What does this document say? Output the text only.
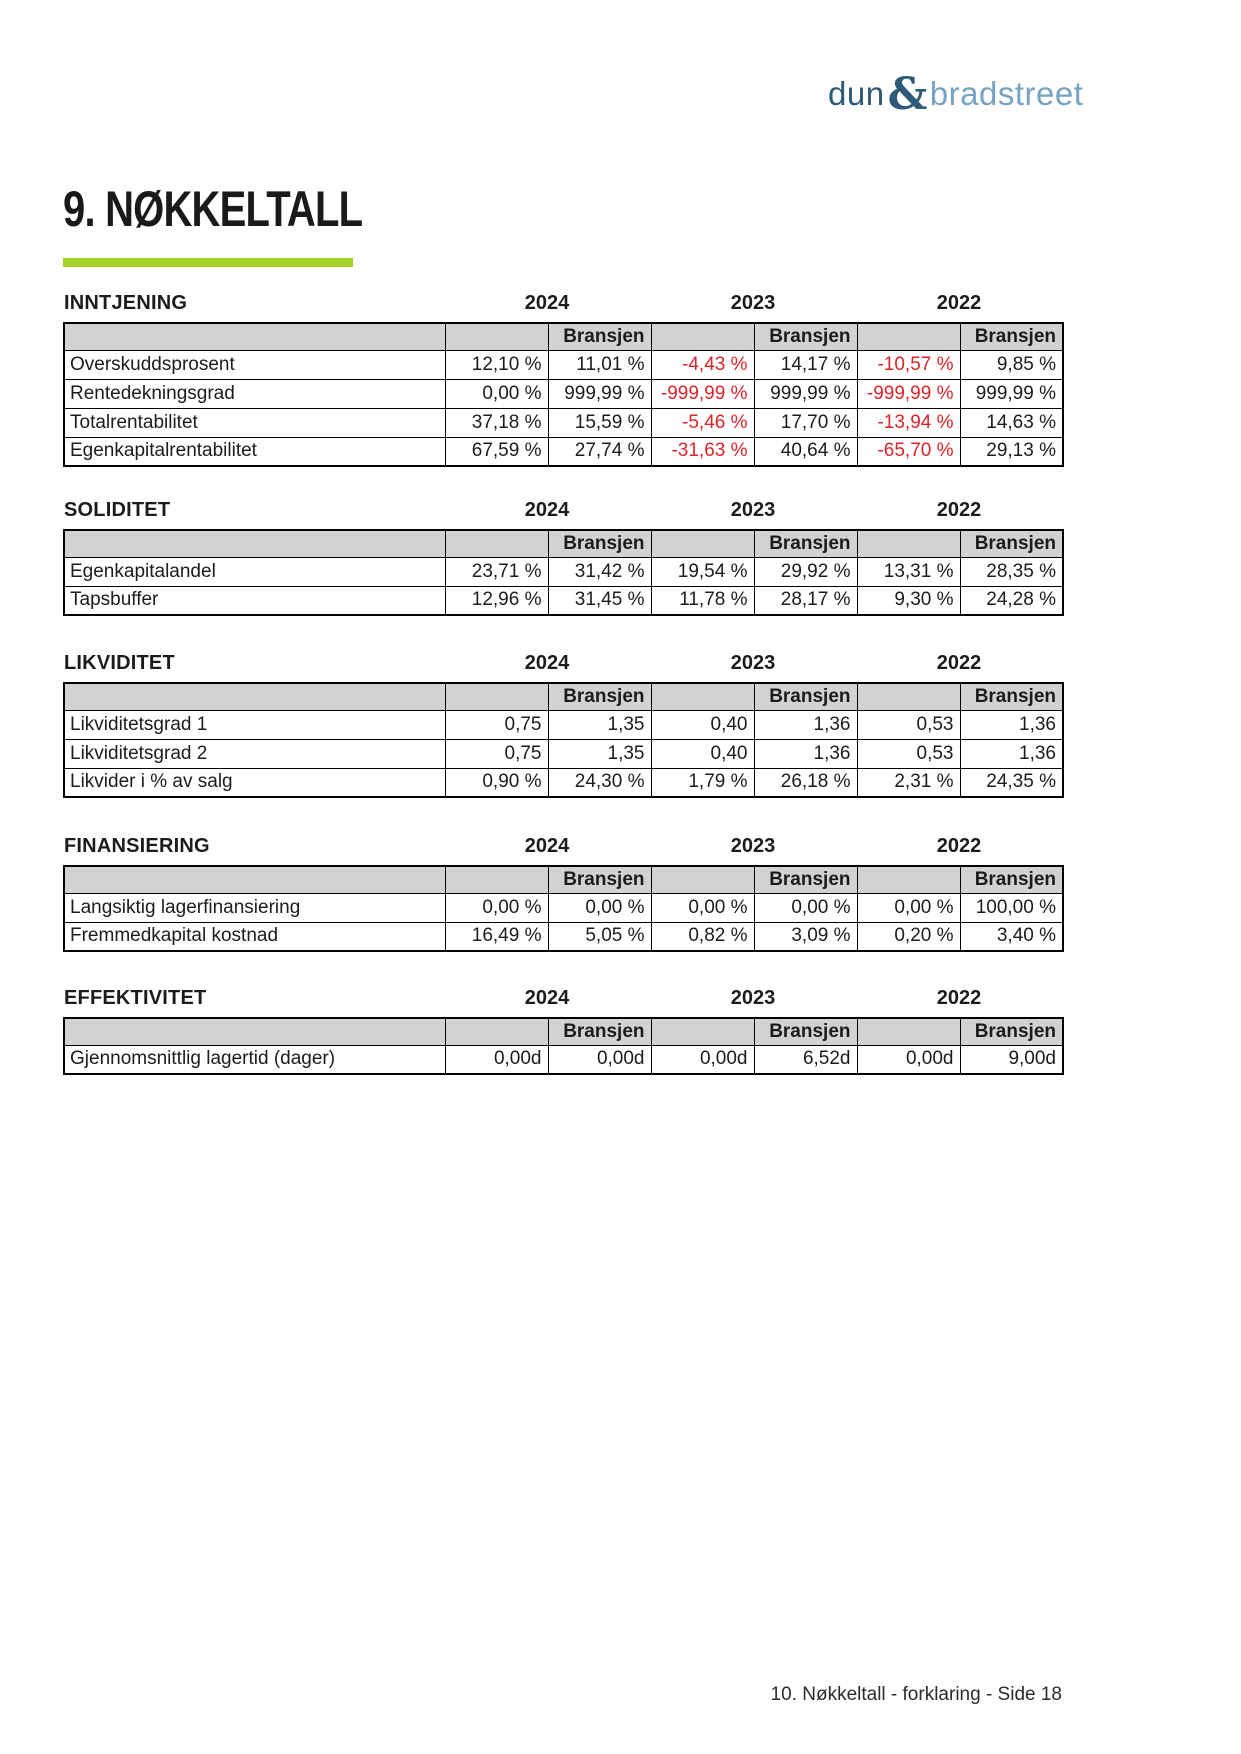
dun&bradstreet
9. NØKKELTALL
INNTJENING	2024	2023	2022
		Bransjen		Bransjen		Bransjen
Overskuddsprosent	12,10 %	11,01 %	-4,43 %	14,17 %	-10,57 %	9,85 %
Rentedekningsgrad	0,00 %	999,99 %	-999,99 %	999,99 %	-999,99 %	999,99 %
Totalrentabilitet	37,18 %	15,59 %	-5,46 %	17,70 %	-13,94 %	14,63 %
Egenkapitalrentabilitet	67,59 %	27,74 %	-31,63 %	40,64 %	-65,70 %	29,13 %
SOLIDITET	2024	2023	2022
		Bransjen		Bransjen		Bransjen
Egenkapitalandel	23,71 %	31,42 %	19,54 %	29,92 %	13,31 %	28,35 %
Tapsbuffer	12,96 %	31,45 %	11,78 %	28,17 %	9,30 %	24,28 %
LIKVIDITET	2024	2023	2022
		Bransjen		Bransjen		Bransjen
Likviditetsgrad 1	0,75	1,35	0,40	1,36	0,53	1,36
Likviditetsgrad 2	0,75	1,35	0,40	1,36	0,53	1,36
Likvider i % av salg	0,90 %	24,30 %	1,79 %	26,18 %	2,31 %	24,35 %
FINANSIERING	2024	2023	2022
		Bransjen		Bransjen		Bransjen
Langsiktig lagerfinansiering	0,00 %	0,00 %	0,00 %	0,00 %	0,00 %	100,00 %
Fremmedkapital kostnad	16,49 %	5,05 %	0,82 %	3,09 %	0,20 %	3,40 %
EFFEKTIVITET	2024	2023	2022
		Bransjen		Bransjen		Bransjen
Gjennomsnittlig lagertid (dager)	0,00d	0,00d	0,00d	6,52d	0,00d	9,00d
10. Nøkkeltall - forklaring - Side 18
